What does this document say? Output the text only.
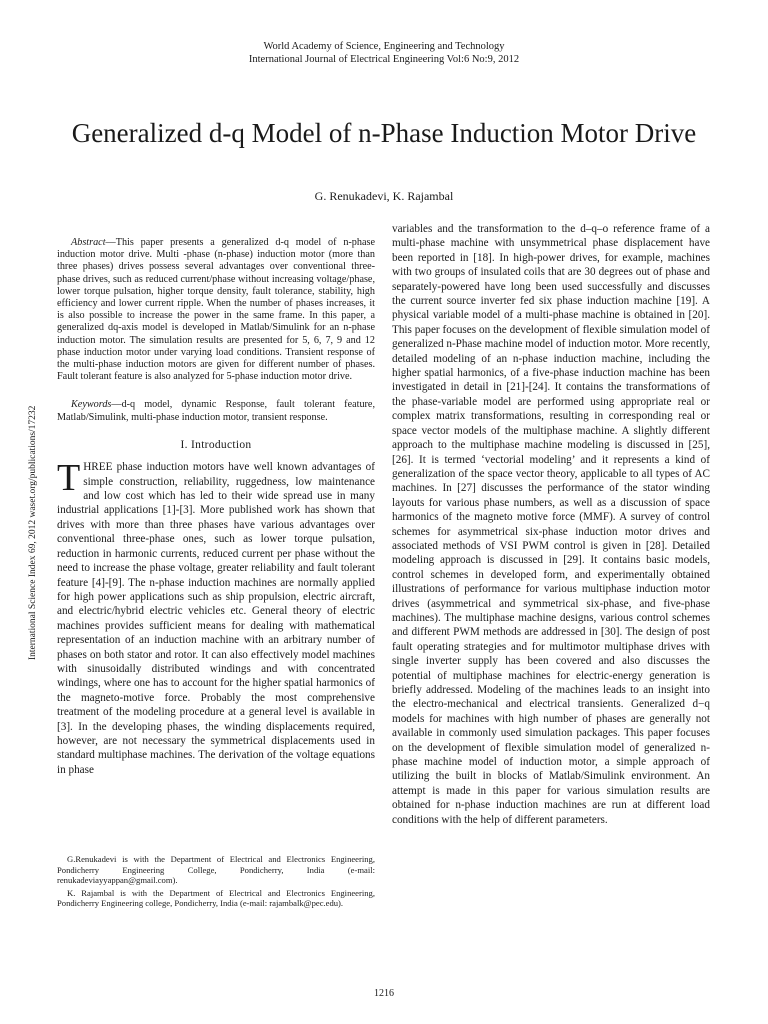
World Academy of Science, Engineering and Technology
International Journal of Electrical Engineering Vol:6 No:9, 2012
Generalized d-q Model of n-Phase Induction Motor Drive
G. Renukadevi, K. Rajambal
International Science Index 69, 2012 waset.org/publications/17232

Abstract—This paper presents a generalized d-q model of n-phase induction motor drive. Multi -phase (n-phase) induction motor (more than three phases) drives possess several advantages over conventional three-phase drives, such as reduced current/phase without increasing voltage/phase, lower torque pulsation, higher torque density, fault tolerance, stability, high efficiency and lower current ripple. When the number of phases increases, it is also possible to increase the power in the same frame. In this paper, a generalized dq-axis model is developed in Matlab/Simulink for an n-phase induction motor. The simulation results are presented for 5, 6, 7, 9 and 12 phase induction motor under varying load conditions. Transient response of the multi-phase induction motors are given for different number of phases. Fault tolerant feature is also analyzed for 5-phase induction motor drive.

Keywords—d-q model, dynamic Response, fault tolerant feature, Matlab/Simulink, multi-phase induction motor, transient response.

I. Introduction

THREE phase induction motors have well known advantages of simple construction, reliability, ruggedness, low maintenance and low cost which has led to their wide spread use in many industrial applications [1]-[3]. More published work has shown that drives with more than three phases have various advantages over conventional three-phase ones, such as lower torque pulsation, reduction in harmonic currents, reduced current per phase without the need to increase the phase voltage, greater reliability and fault tolerant feature [4]-[9]. The n-phase induction machines are normally applied for high power applications such as ship propulsion, electric aircraft, and electric/hybrid electric vehicles etc. General theory of electric machines provides sufficient means for dealing with mathematical representation of an induction machine with an arbitrary number of phases on both stator and rotor. It can also effectively model machines with sinusoidally distributed windings and with concentrated windings, where one has to account for the higher spatial harmonics of the magneto-motive force. Probably the most comprehensive treatment of the modeling procedure at a general level is available in [3]. In the developing phases, the winding displacements required, however, are not necessary the symmetrical displacements used in standard multiphase machines. The derivation of the voltage equations in phase

G.Renukadevi is with the Department of Electrical and Electronics Engineering, Pondicherry Engineering College, Pondicherry, India (e-mail: renukadeviayyappan@gmail.com).

K. Rajambal is with the Department of Electrical and Electronics Engineering, Pondicherry Engineering college, Pondicherry, India (e-mail: rajambalk@pec.edu).

variables and the transformation to the d–q–o reference frame of a multi-phase machine with unsymmetrical phase displacement have been reported in [18]. In high-power drives, for example, machines with two groups of insulated coils that are 30 degrees out of phase and separately-powered have long been used successfully and discusses the current source inverter fed six phase induction machine [19]. A physical variable model of a multi-phase machine is obtained in [20]. This paper focuses on the development of flexible simulation model of generalized n-Phase machine model of induction motor. More recently, detailed modeling of an n-phase induction machine, including the higher spatial harmonics, of a five-phase induction machine has been investigated in detail in [21]-[24]. It contains the transformations of the phase-variable model are performed using appropriate real or complex matrix transformations, resulting in corresponding real or space vector models of the multiphase machine. A slightly different approach to the multiphase machine modeling is discussed in [25], [26]. It is termed ‘vectorial modeling’ and it represents a kind of generalization of the space vector theory, applicable to all types of AC machines. In [27] discusses the performance of the stator winding layouts for various phase numbers, as well as a discussion of space harmonics of the magneto motive force (MMF). A survey of control schemes for asymmetrical six-phase induction motor drives and associated methods of VSI PWM control is given in [28]. Detailed modeling approach is discussed in [29]. It contains basic models, control schemes in developed form, and experimentally obtained illustrations of performance for various multiphase induction motor drives (asymmetrical and symmetrical six-phase, and five-phase machines). The multiphase machine designs, various control schemes and different PWM methods are addressed in [30]. The design of post fault operating strategies and for multimotor multiphase drives with single inverter supply has been covered and also discusses the potential of multiphase machines for electric-energy generation is briefly addressed. Modeling of the machines leads to an insight into the electro-mechanical and electrical transients. Generalized d−q models for machines with high number of phases are generally not available in commonly used simulation packages. This paper focuses on the development of flexible simulation model of generalized n-phase machine model of induction motor, a simple approach of utilizing the built in blocks of Matlab/Simulink environment. An attempt is made in this paper for various simulation results are obtained for n-phase induction machines are run at different load conditions with the help of different parameters.

1216
